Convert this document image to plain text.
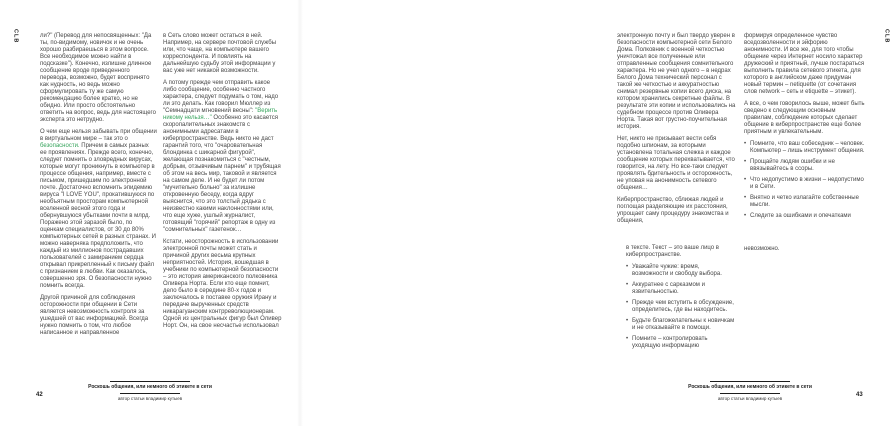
CLB	ли?" (Перевод для непосвященных: "Да ты, по-видимому, новичок и не очень хорошо разбираешься в этом вопросе. Все необходимое можно найти в подсказке"). Конечно, излишне длинное сообщение вроде приведенного перевода, возможно, будет воспринято как нудность, но ведь можно сформулировать ту же самую рекомендацию более кратко, но не обидно. Или просто обстоятельно ответить на вопрос, ведь для настоящего эксперта это нетрудно.

О чем еще нельзя забывать при общении в виртуальном мире – так это о безопасности. Причем в самых разных ее проявлениях. Прежде всего, конечно, следует помнить о зловредных вирусах, которые могут проникнуть в компьютер в процессе общения, например, вместе с письмом, пришедшим по электронной почте. Достаточно вспомнить эпидемию вируса "I LOVE YOU", прокатившуюся по необъятным просторам компьютерной вселенной весной этого года и обернувшуюся убытками почти в млрд. Поражено этой заразой было, по оценкам специалистов, от 30 до 80% компьютерных сетей в разных странах. И можно наверняка предположить, что каждый из миллионов пострадавших пользователей с замиранием сердца открывал прикрепленный к письму файл с признанием в любви. Как оказалось, совершенно зря. О безопасности нужно помнить всегда.

Другой причиной для соблюдения осторожности при общении в Сети является невозможность контроля за ушедшей от вас информацией. Всегда нужно помнить о том, что любое написанное и направленное

в Сеть слово может остаться в ней. Например, на сервере почтовой службы или, что чаще, на компьютере вашего корреспондента. И повлиять на дальнейшую судьбу этой информации у вас уже нет никакой возможности.

А потому прежде чем отправить какое либо сообщение, особенно частного характера, следует подумать о том, надо ли это делать. Как говорил Мюллер из "Семнадцати мгновений весны": "Верить никому нельзя…" Особенно это касается скоропалительных знакомств с анонимными адресатами в киберпространстве. Ведь никто не даст гарантий того, что "очаровательная блондинка с шикарной фигурой", желающая познакомиться с "честным, добрым, отзывчивым парнем" и трубящая об этом на весь мир, таковой и является на самом деле. И не будет ли потом "мучительно больно" за излишне откровенную беседу, когда вдруг выяснится, что это толстый дядька с неизвестно какими наклонностями или, что еще хуже, ушлый журналист, готовящий "горячий" репортаж в одну из "сомнительных" газетенок…

Кстати, неосторожность в использовании электронной почты может стать и причиной других весьма крупных неприятностей. История, вошедшая в учебники по компьютерной безопасности – это история американского полковника Оливера Норта. Если кто еще помнит, дело было в середине 80-х годов и заключалось в поставке оружия Ирану и передаче вырученных средств никарагуанским контрреволюционерам. Одной из центральных фигур был Оливер Норт. Он, на свое несчастье использовал

Роскошь общения, или немного об этикете в сети
автор статьи владимир кутыев
42
CLB

электронную почту и был твердо уверен в безопасности компьютерной сети Белого Дома. Полковник с военной четкостью уничтожал все полученные или отправленные сообщения сомнительного характера. Но не учел одного – в недрах Белого Дома технический персонал с такой же четкостью и аккуратностью снимал резервные копии всего диска, на котором хранились секретные файлы. В результате эти копии и использовались на судебном процессе против Оливера Норта. Такая вот грустно-поучительная история.

Нет, никто не призывает вести себя подобно шпионам, за которыми установлена тотальная слежка и каждое сообщение которых перехватывается, что говорится, на лету. Но все-таки следует проявлять бдительность и осторожность, не уповая на анонимность сетевого общения…

Киберпространство, сближая людей и поглощая разделяющие их расстояния, упрощает саму процедуру знакомства и общения,

в тексте. Текст – это ваше лицо в киберпространстве.

• Уважайте чужие: время, возможности и свободу выбора.
• Аккуратнее с сарказмом и язвительностью.
• Прежде чем вступить в обсуждение, определитесь, где вы находитесь.
• Будьте благожелательны к новичкам и не отказывайте в помощи.
• Помните – контролировать уходящую информацию

формируя определенное чувство вседозволенности и эйфорию анонимности. И все же, для того чтобы общение через Интернет носило характер дружеский и приятный, лучше постараться выполнить правила сетевого этикета, для которого в английском даже придуман новый термин – netiquette (от сочетания слов network – сеть и etiquette – этикет).

А все, о чем говорилось выше, может быть сведено к следующим основным правилам, соблюдение которых сделает общение в киберпространстве еще более приятным и увлекательным.

• Помните, что ваш собеседник – человек. Компьютер – лишь инструмент общения.
• Прощайте людям ошибки и не ввязывайтесь в ссоры.
• Что недопустимо в жизни – недопустимо и в Сети.
• Внятно и четко излагайте собственные мысли.
• Следите за ошибками и опечатками

невозможно.

Роскошь общения, или немного об этикете в сети
автор статьи владимир кутыев
43
